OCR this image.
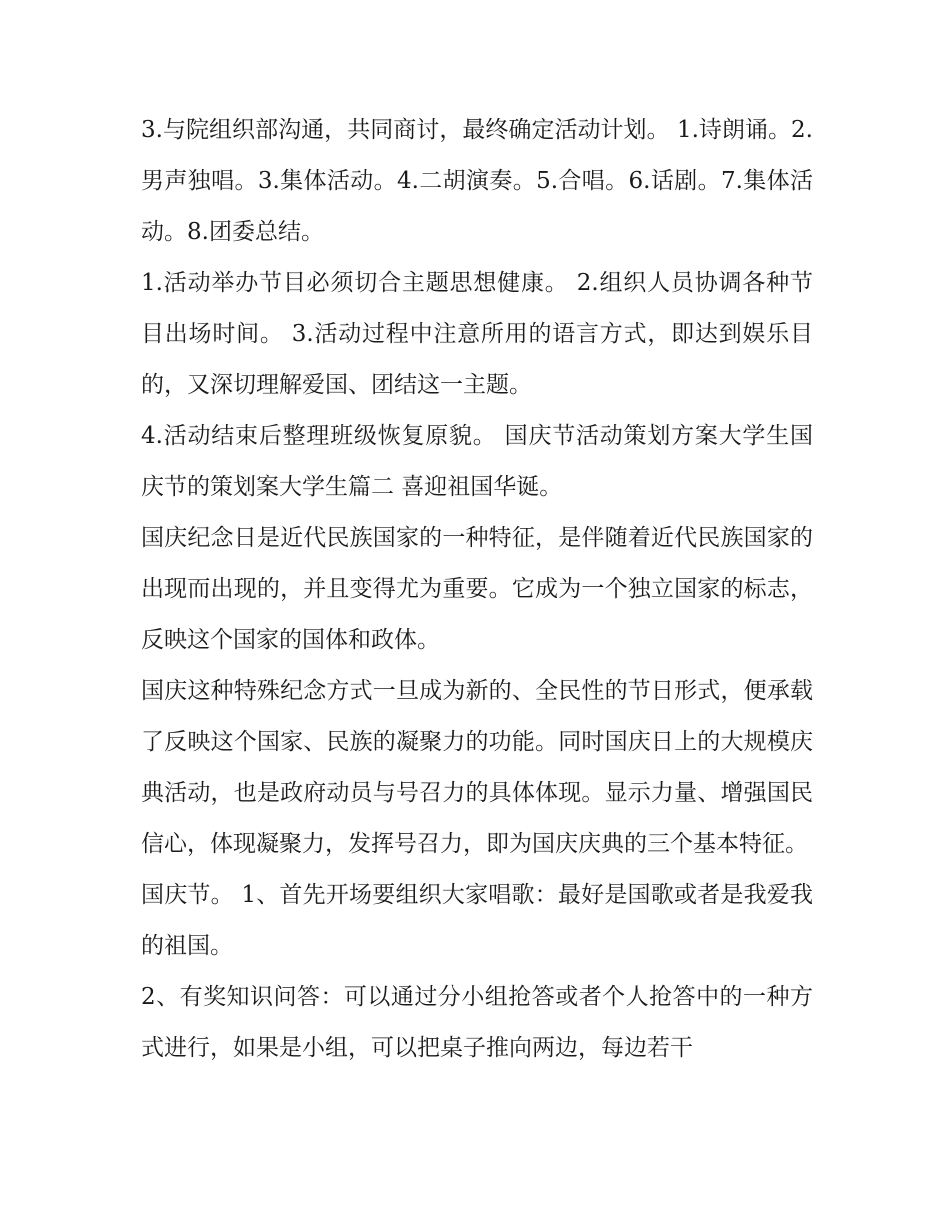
3.与院组织部沟通，共同商讨，最终确定活动计划。 1.诗朗诵。2.男声独唱。3.集体活动。4.二胡演奏。5.合唱。6.话剧。7.集体活动。8.团委总结。

1.活动举办节目必须切合主题思想健康。 2.组织人员协调各种节目出场时间。 3.活动过程中注意所用的语言方式，即达到娱乐目的，又深切理解爱国、团结这一主题。

4.活动结束后整理班级恢复原貌。 国庆节活动策划方案大学生国庆节的策划案大学生篇二 喜迎祖国华诞。

国庆纪念日是近代民族国家的一种特征，是伴随着近代民族国家的出现而出现的，并且变得尤为重要。它成为一个独立国家的标志，反映这个国家的国体和政体。

国庆这种特殊纪念方式一旦成为新的、全民性的节日形式，便承载了反映这个国家、民族的凝聚力的功能。同时国庆日上的大规模庆典活动，也是政府动员与号召力的具体体现。显示力量、增强国民信心，体现凝聚力，发挥号召力，即为国庆庆典的三个基本特征。

国庆节。 1、首先开场要组织大家唱歌：最好是国歌或者是我爱我的祖国。

2、有奖知识问答：可以通过分小组抢答或者个人抢答中的一种方式进行，如果是小组，可以把桌子推向两边，每边若干
